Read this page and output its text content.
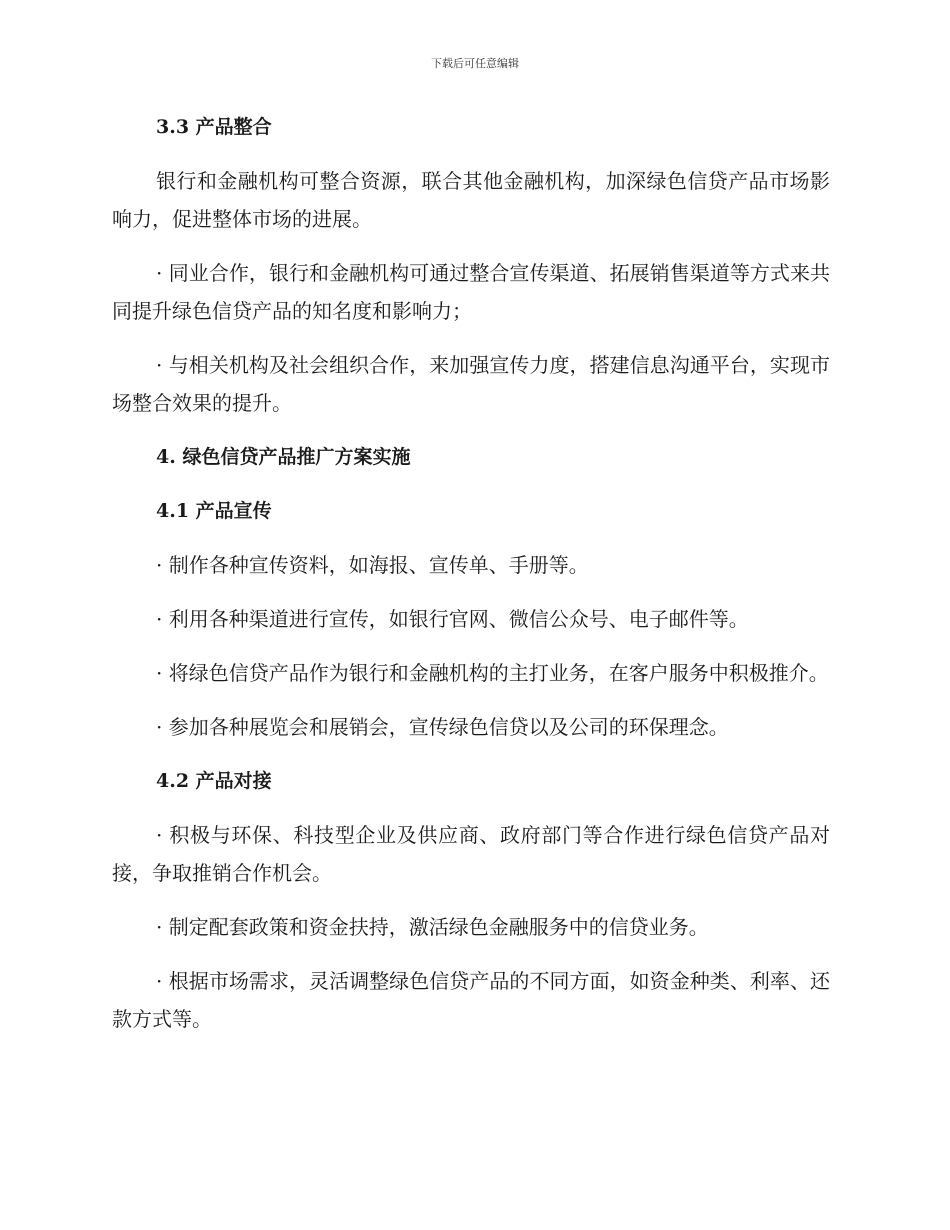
下载后可任意编辑
3.3 产品整合
银行和金融机构可整合资源，联合其他金融机构，加深绿色信贷产品市场影响力，促进整体市场的进展。
· 同业合作，银行和金融机构可通过整合宣传渠道、拓展销售渠道等方式来共同提升绿色信贷产品的知名度和影响力；
· 与相关机构及社会组织合作，来加强宣传力度，搭建信息沟通平台，实现市场整合效果的提升。
4. 绿色信贷产品推广方案实施
4.1 产品宣传
· 制作各种宣传资料，如海报、宣传单、手册等。
· 利用各种渠道进行宣传，如银行官网、微信公众号、电子邮件等。
· 将绿色信贷产品作为银行和金融机构的主打业务，在客户服务中积极推介。
· 参加各种展览会和展销会，宣传绿色信贷以及公司的环保理念。
4.2 产品对接
· 积极与环保、科技型企业及供应商、政府部门等合作进行绿色信贷产品对接，争取推销合作机会。
· 制定配套政策和资金扶持，激活绿色金融服务中的信贷业务。
· 根据市场需求，灵活调整绿色信贷产品的不同方面，如资金种类、利率、还款方式等。
